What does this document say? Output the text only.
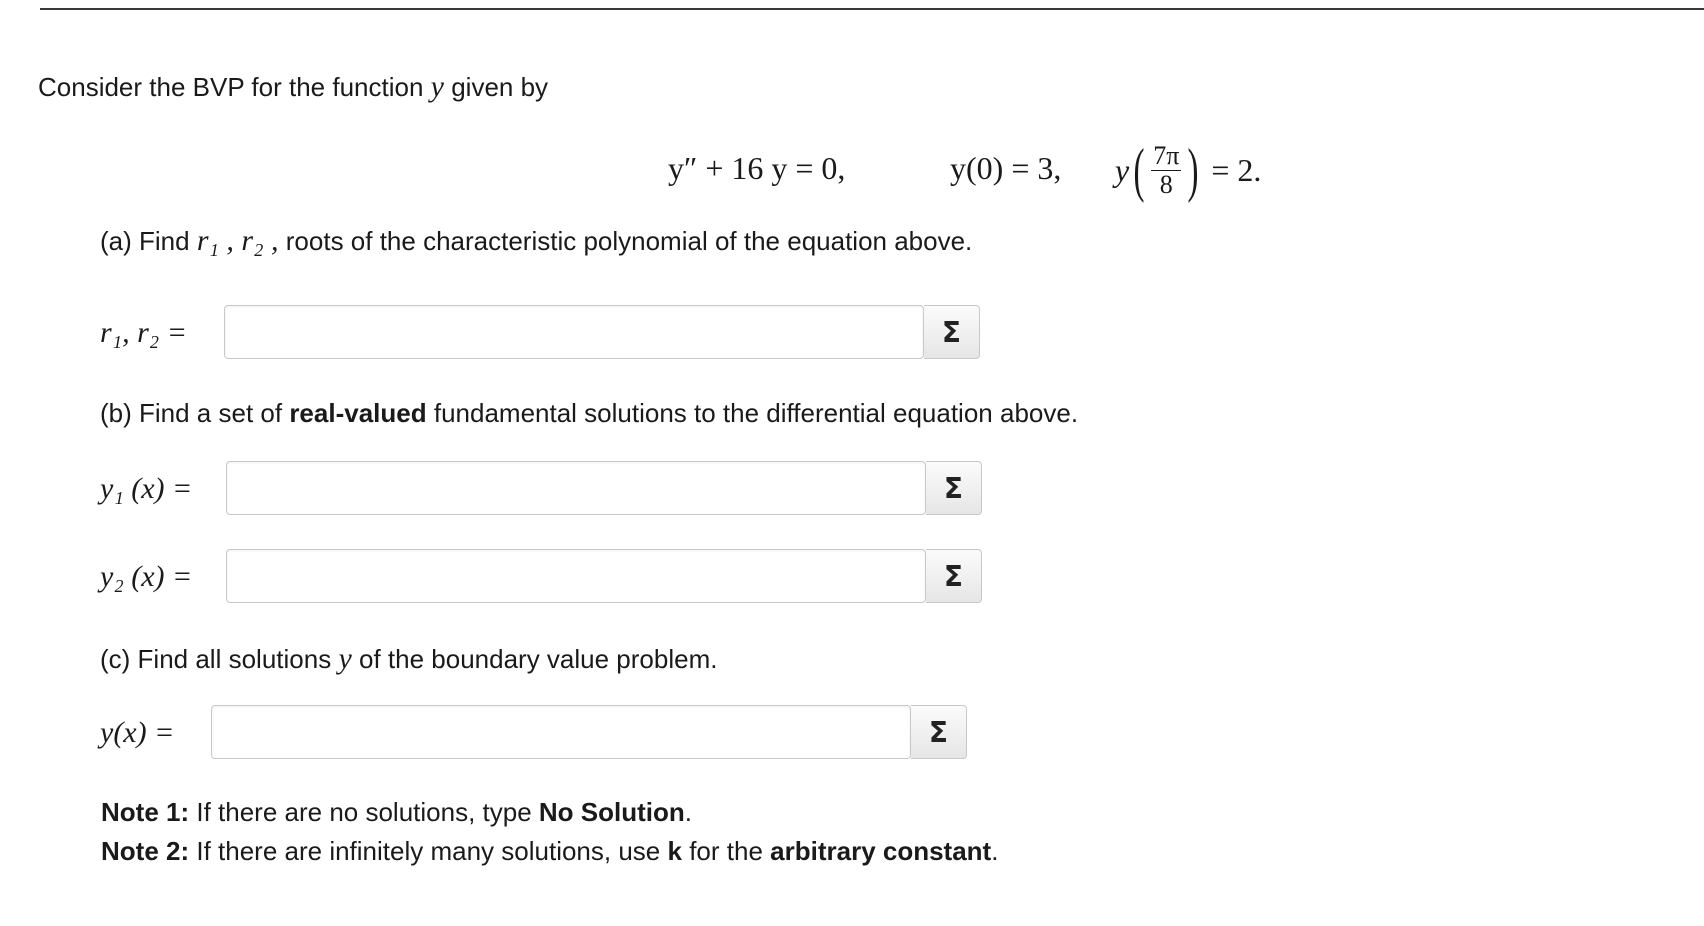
Consider the BVP for the function y given by
y″ + 16 y = 0,	y(0) = 3, y ( $\frac{7\pi}{8}$ ) = 2.
(a) Find r₁ , r₂ , roots of the characteristic polynomial of the equation above.
r₁, r₂ =	Σ
(b) Find a set of real-valued fundamental solutions to the differential equation above.
y₁ (x) =	Σ
y₂ (x) =	Σ
(c) Find all solutions y of the boundary value problem.
y(x) =	Σ
Note 1: If there are no solutions, type No Solution.
Note 2: If there are infinitely many solutions, use k for the arbitrary constant.
